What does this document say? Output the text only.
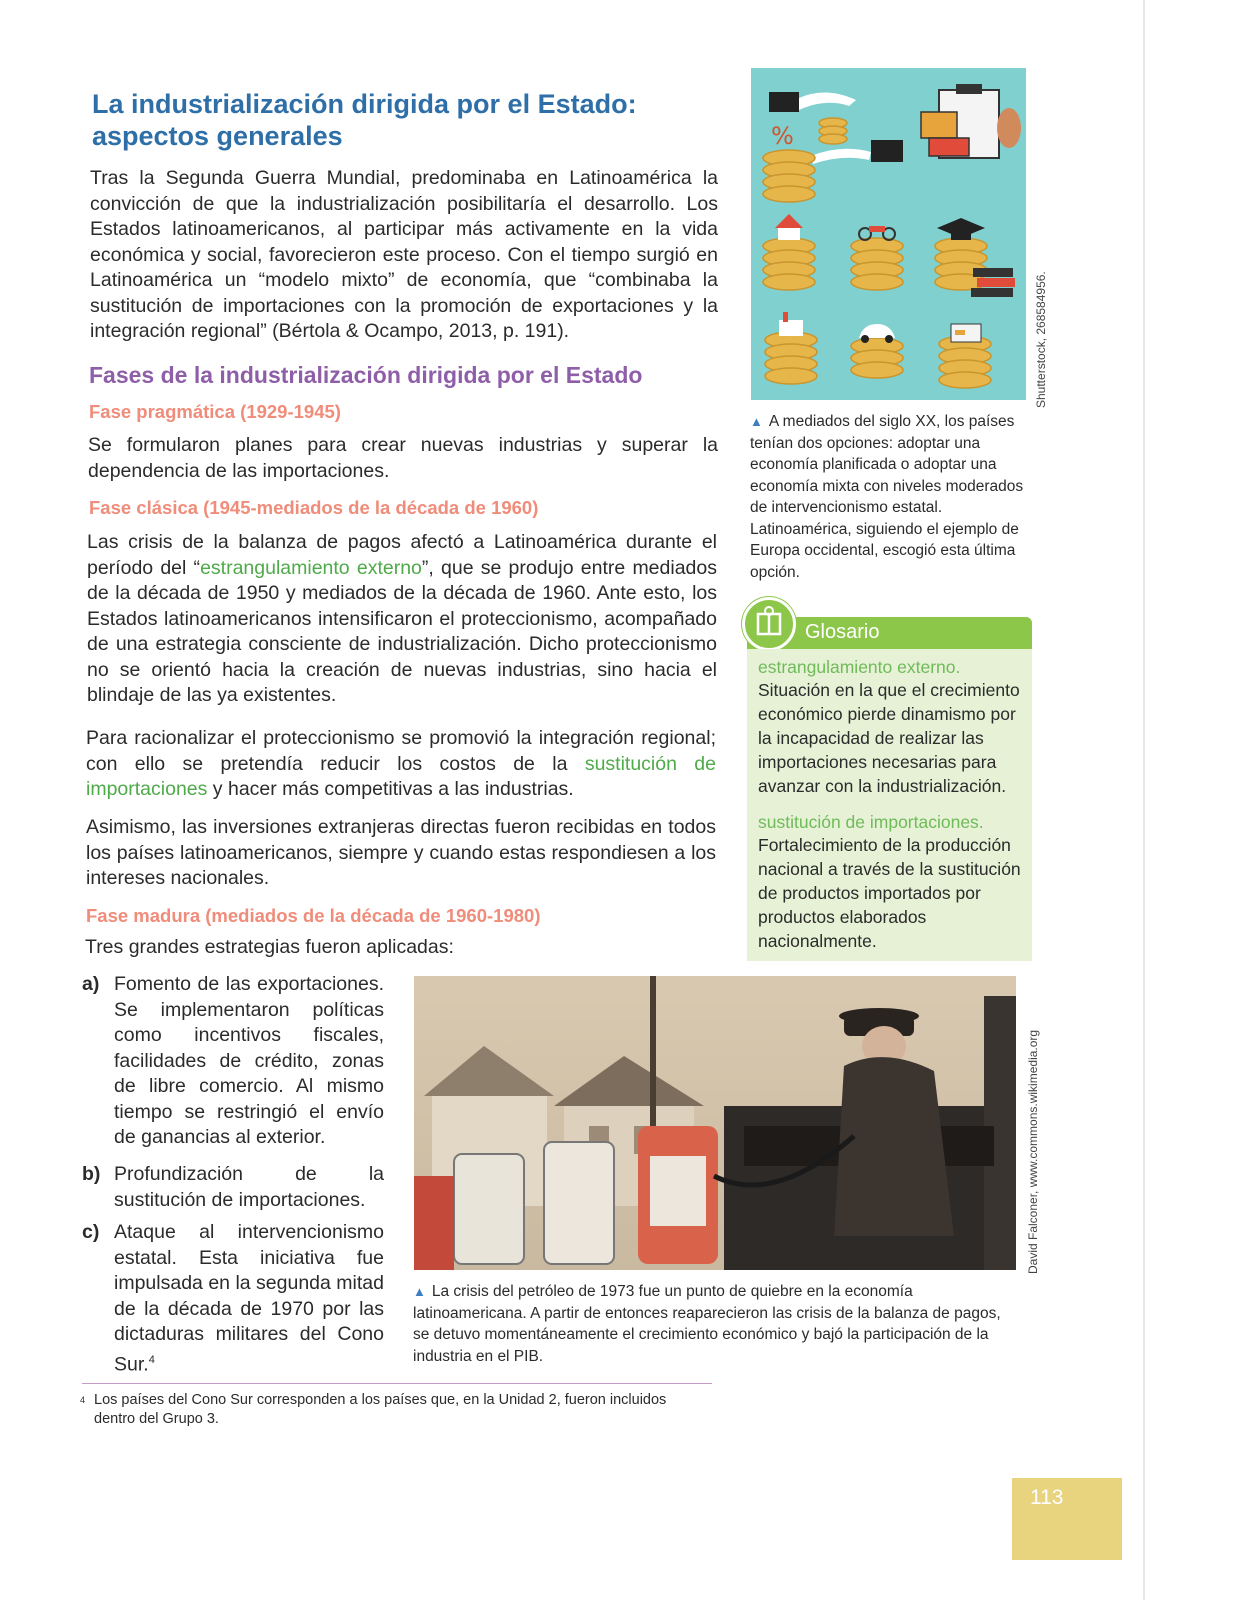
La industrialización dirigida por el Estado: aspectos generales
Tras la Segunda Guerra Mundial, predominaba en Latinoamérica la convicción de que la industrialización posibilitaría el desarrollo. Los Estados latinoamericanos, al participar más activamente en la vida económica y social, favorecieron este proceso. Con el tiempo surgió en Latinoamérica un “modelo mixto” de economía, que “combinaba la sustitución de importaciones con la promoción de exportaciones y la integración regional” (Bértola & Ocampo, 2013, p. 191).
Fases de la industrialización dirigida por el Estado
Fase pragmática (1929-1945)
Se formularon planes para crear nuevas industrias y superar la dependencia de las importaciones.
Fase clásica (1945-mediados de la década de 1960)
Las crisis de la balanza de pagos afectó a Latinoamérica durante el período del “estrangulamiento externo”, que se produjo entre mediados de la década de 1950 y mediados de la década de 1960. Ante esto, los Estados latinoamericanos intensificaron el proteccionismo, acompañado de una estrategia consciente de industrialización. Dicho proteccionismo no se orientó hacia la creación de nuevas industrias, sino hacia el blindaje de las ya existentes.
Para racionalizar el proteccionismo se promovió la integración regional; con ello se pretendía reducir los costos de la sustitución de importaciones y hacer más competitivas a las industrias.
Asimismo, las inversiones extranjeras directas fueron recibidas en todos los países latinoamericanos, siempre y cuando estas respondiesen a los intereses nacionales.
Fase madura (mediados de la década de 1960-1980)
Tres grandes estrategias fueron aplicadas:
a) Fomento de las exportaciones. Se implementaron políticas como incentivos fiscales, facilidades de crédito, zonas de libre comercio. Al mismo tiempo se restringió el envío de ganancias al exterior.
b) Profundización de la sustitución de importaciones.
c) Ataque al intervencionismo estatal. Esta iniciativa fue impulsada en la segunda mitad de la década de 1970 por las dictaduras militares del Cono Sur.$^4$
%
Shutterstock, 268584956.
▲ A mediados del siglo XX, los países tenían dos opciones: adoptar una economía planificada o adoptar una economía mixta con niveles moderados de intervencionismo estatal. Latinoamérica, siguiendo el ejemplo de Europa occidental, escogió esta última opción.
Glosario
estrangulamiento externo.
Situación en la que el crecimiento económico pierde dinamismo por la incapacidad de realizar las importaciones necesarias para avanzar con la industrialización.
sustitución de importaciones.
Fortalecimiento de la producción nacional a través de la sustitución de productos importados por productos elaborados nacionalmente.
David Falconer, www.commons.wikimedia.org
▲ La crisis del petróleo de 1973 fue un punto de quiebre en la economía latinoamericana. A partir de entonces reaparecieron las crisis de la balanza de pagos, se detuvo momentáneamente el crecimiento económico y bajó la participación de la industria en el PIB.
4 Los países del Cono Sur corresponden a los países que, en la Unidad 2, fueron incluidos dentro del Grupo 3.
113
